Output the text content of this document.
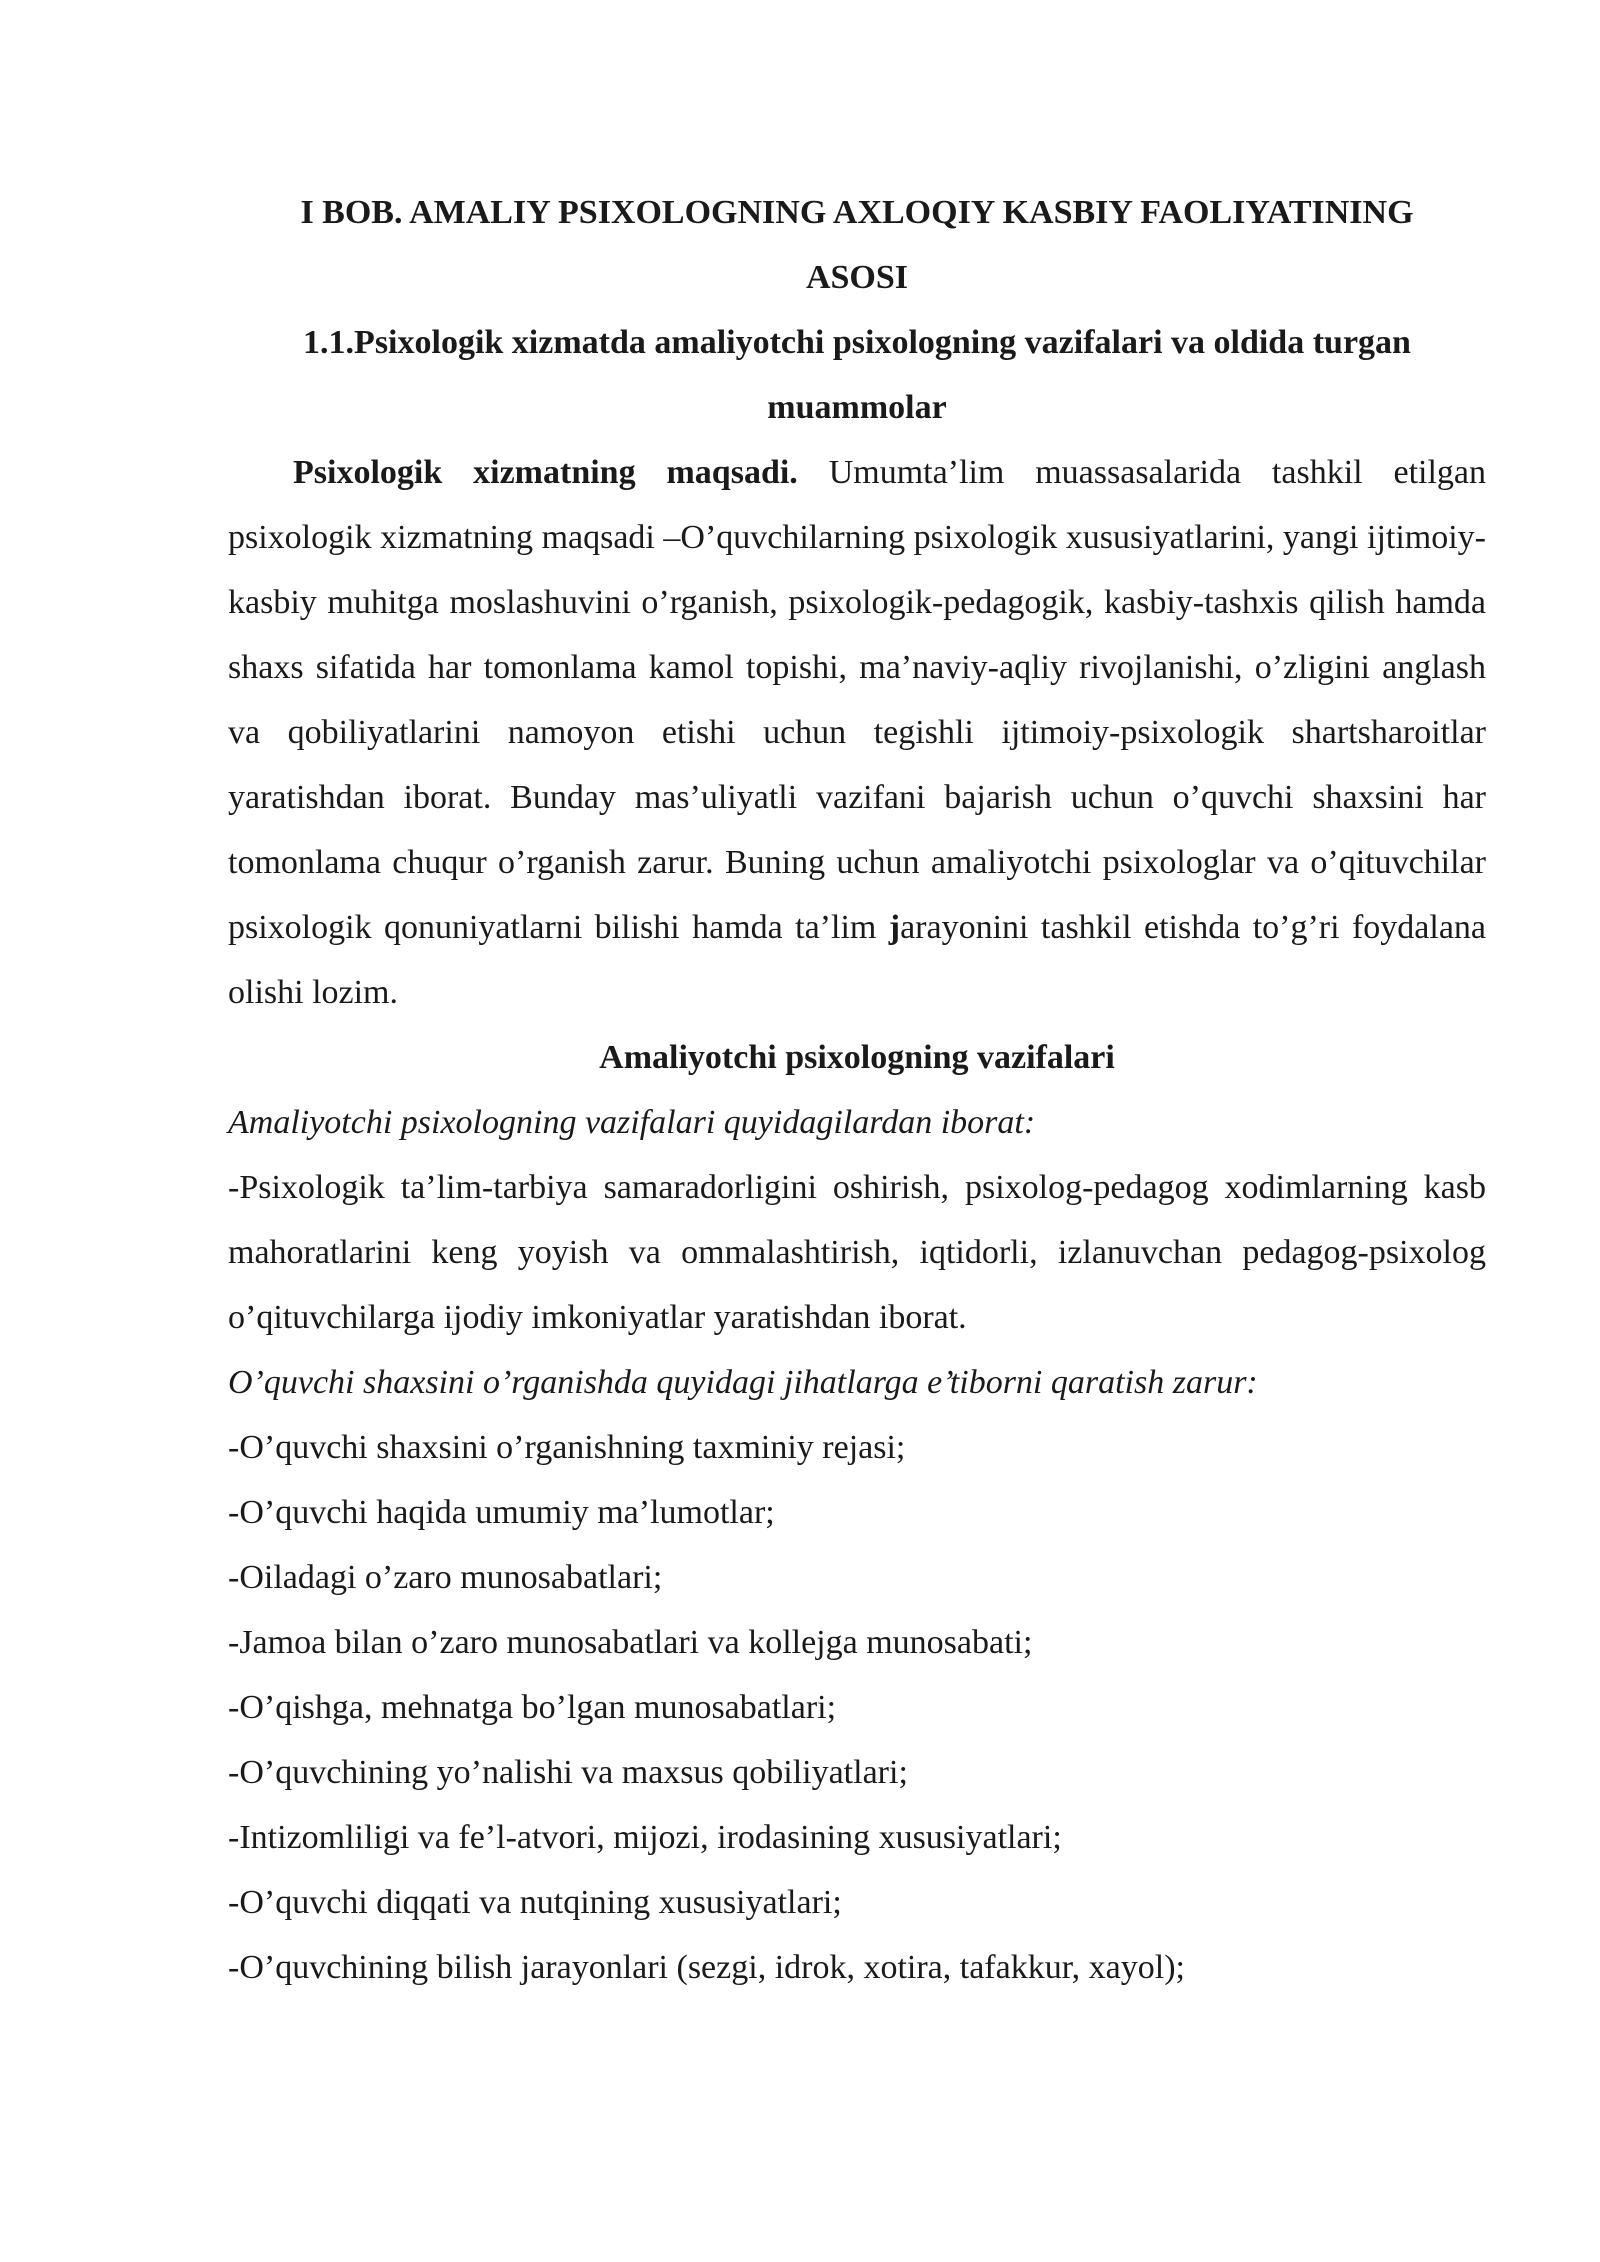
I BOB. AMALIY PSIXOLOGNING AXLOQIY KASBIY FAOLIYATINING
ASOSI
1.1.Psixologik xizmatda amaliyotchi psixologning vazifalari va oldida turgan
muammolar

Psixologik xizmatning maqsadi. Umumta’lim muassasalarida tashkil etilgan psixologik xizmatning maqsadi –O’quvchilarning psixologik xususiyatlarini, yangi ijtimoiy-kasbiy muhitga moslashuvini o’rganish, psixologik-pedagogik, kasbiy-tashxis qilish hamda shaxs sifatida har tomonlama kamol topishi, ma’naviy-aqliy rivojlanishi, o’zligini anglash va qobiliyatlarini namoyon etishi uchun tegishli ijtimoiy-psixologik shartsharoitlar yaratishdan iborat. Bunday mas’uliyatli vazifani bajarish uchun o’quvchi shaxsini har tomonlama chuqur o’rganish zarur. Buning uchun amaliyotchi psixologlar va o’qituvchilar psixologik qonuniyatlarni bilishi hamda ta’lim jarayonini tashkil etishda to’g’ri foydalana olishi lozim.

Amaliyotchi psixologning vazifalari
Amaliyotchi psixologning vazifalari quyidagilardan iborat:

-Psixologik ta’lim-tarbiya samaradorligini oshirish, psixolog-pedagog xodimlarning kasb mahoratlarini keng yoyish va ommalashtirish, iqtidorli, izlanuvchan pedagog-psixolog o’qituvchilarga ijodiy imkoniyatlar yaratishdan iborat.

O’quvchi shaxsini o’rganishda quyidagi jihatlarga e’tiborni qaratish zarur:
-O’quvchi shaxsini o’rganishning taxminiy rejasi;
-O’quvchi haqida umumiy ma’lumotlar;
-Oiladagi o’zaro munosabatlari;
-Jamoa bilan o’zaro munosabatlari va kollejga munosabati;
-O’qishga, mehnatga bo’lgan munosabatlari;
-O’quvchining yo’nalishi va maxsus qobiliyatlari;
-Intizomliligi va fe’l-atvori, mijozi, irodasining xususiyatlari;
-O’quvchi diqqati va nutqining xususiyatlari;
-O’quvchining bilish jarayonlari (sezgi, idrok, xotira, tafakkur, xayol);
